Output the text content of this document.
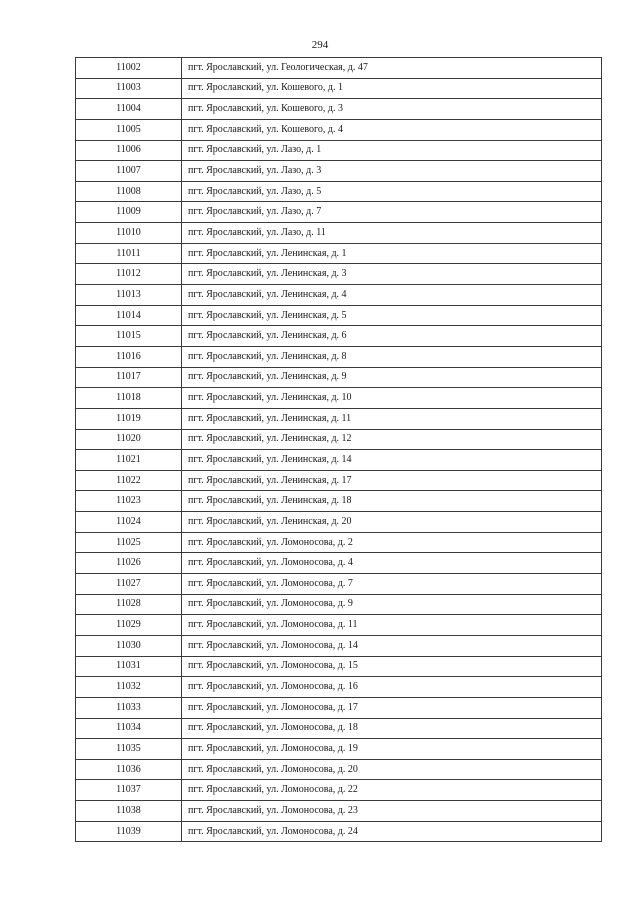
294
11002	пгт. Ярославский, ул. Геологическая, д. 47
11003	пгт. Ярославский, ул. Кошевого, д. 1
11004	пгт. Ярославский, ул. Кошевого, д. 3
11005	пгт. Ярославский, ул. Кошевого, д. 4
11006	пгт. Ярославский, ул. Лазо, д. 1
11007	пгт. Ярославский, ул. Лазо, д. 3
11008	пгт. Ярославский, ул. Лазо, д. 5
11009	пгт. Ярославский, ул. Лазо, д. 7
11010	пгт. Ярославский, ул. Лазо, д. 11
11011	пгт. Ярославский, ул. Ленинская, д. 1
11012	пгт. Ярославский, ул. Ленинская, д. 3
11013	пгт. Ярославский, ул. Ленинская, д. 4
11014	пгт. Ярославский, ул. Ленинская, д. 5
11015	пгт. Ярославский, ул. Ленинская, д. 6
11016	пгт. Ярославский, ул. Ленинская, д. 8
11017	пгт. Ярославский, ул. Ленинская, д. 9
11018	пгт. Ярославский, ул. Ленинская, д. 10
11019	пгт. Ярославский, ул. Ленинская, д. 11
11020	пгт. Ярославский, ул. Ленинская, д. 12
11021	пгт. Ярославский, ул. Ленинская, д. 14
11022	пгт. Ярославский, ул. Ленинская, д. 17
11023	пгт. Ярославский, ул. Ленинская, д. 18
11024	пгт. Ярославский, ул. Ленинская, д. 20
11025	пгт. Ярославский, ул. Ломоносова, д. 2
11026	пгт. Ярославский, ул. Ломоносова, д. 4
11027	пгт. Ярославский, ул. Ломоносова, д. 7
11028	пгт. Ярославский, ул. Ломоносова, д. 9
11029	пгт. Ярославский, ул. Ломоносова, д. 11
11030	пгт. Ярославский, ул. Ломоносова, д. 14
11031	пгт. Ярославский, ул. Ломоносова, д. 15
11032	пгт. Ярославский, ул. Ломоносова, д. 16
11033	пгт. Ярославский, ул. Ломоносова, д. 17
11034	пгт. Ярославский, ул. Ломоносова, д. 18
11035	пгт. Ярославский, ул. Ломоносова, д. 19
11036	пгт. Ярославский, ул. Ломоносова, д. 20
11037	пгт. Ярославский, ул. Ломоносова, д. 22
11038	пгт. Ярославский, ул. Ломоносова, д. 23
11039	пгт. Ярославский, ул. Ломоносова, д. 24
